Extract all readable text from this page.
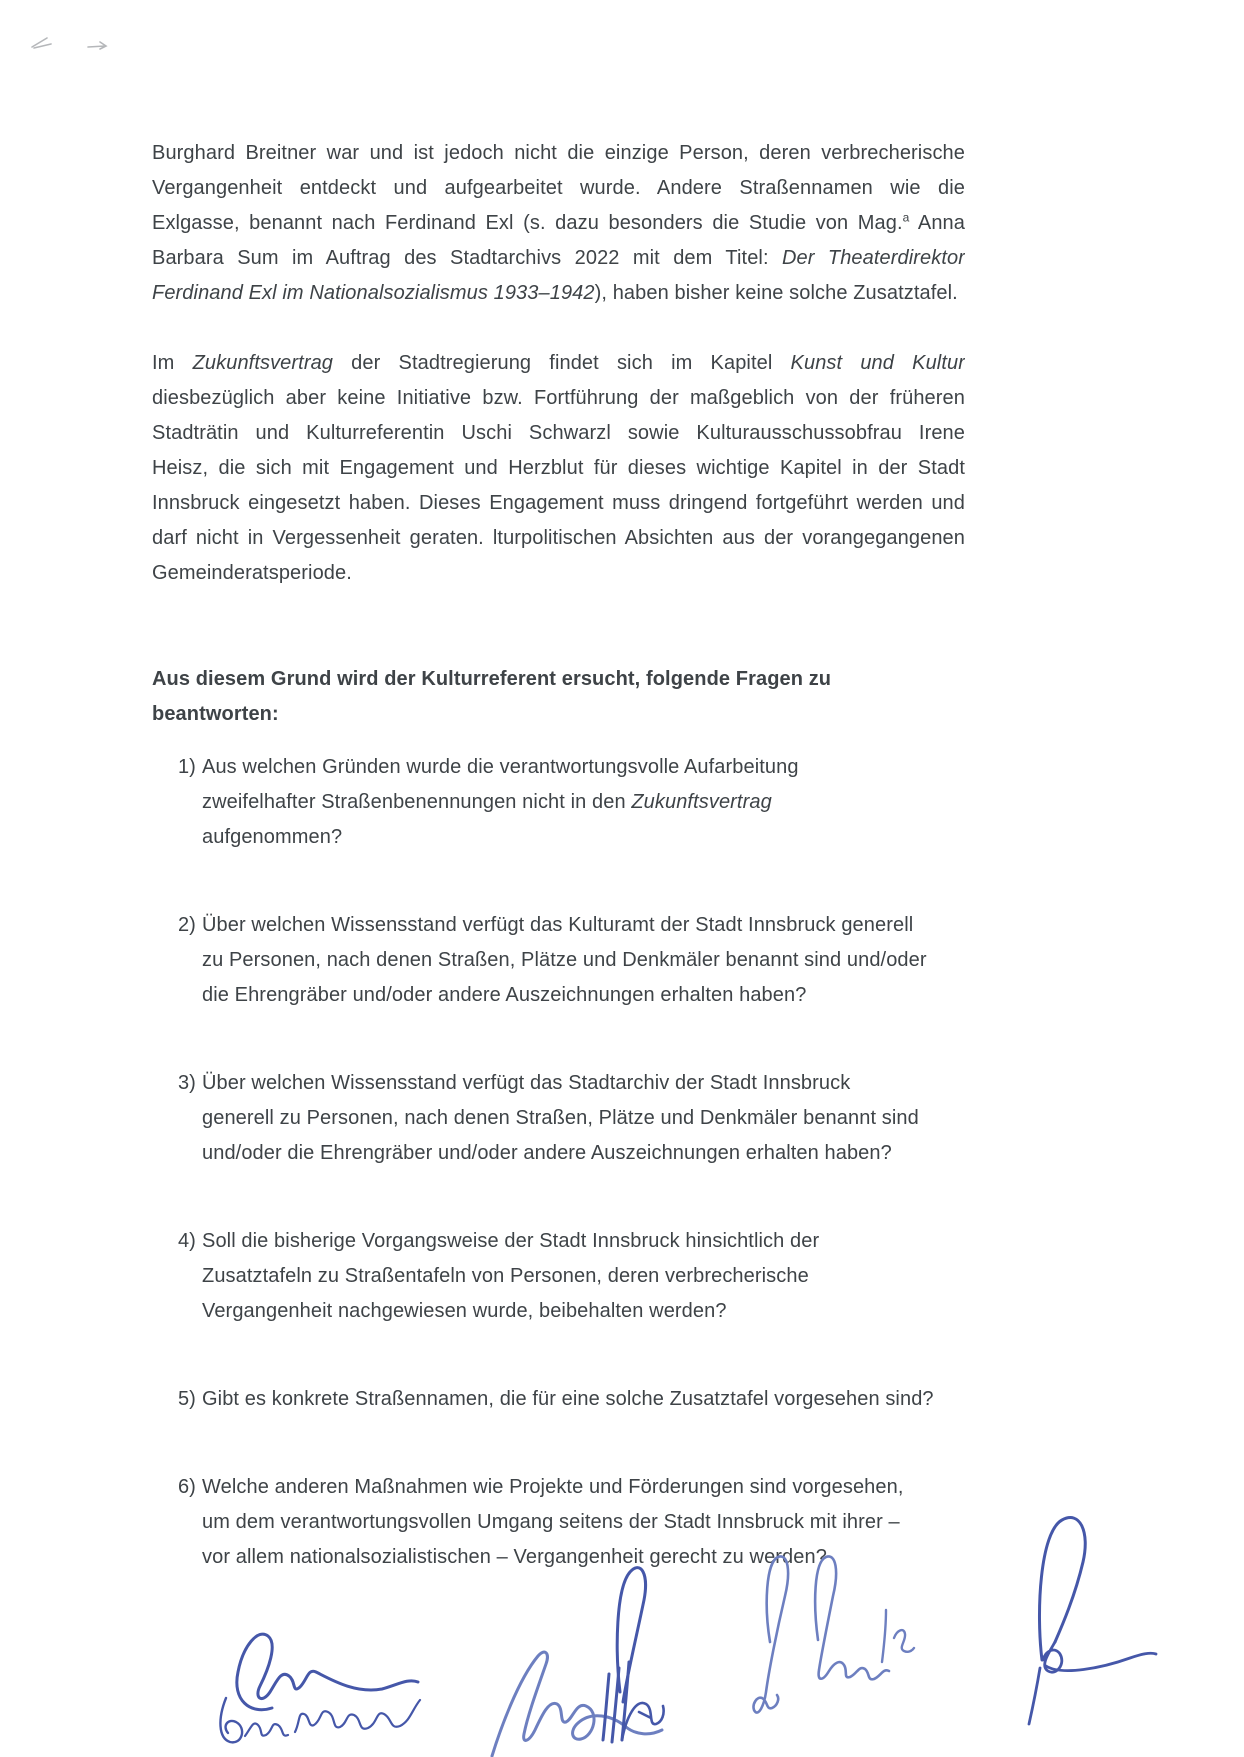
Burghard Breitner war und ist jedoch nicht die einzige Person, deren verbrecherische
Vergangenheit entdeckt und aufgearbeitet wurde. Andere Straßennamen wie die
Exlgasse, benannt nach Ferdinand Exl (s. dazu besonders die Studie von Mag.$^a$ Anna
Barbara Sum im Auftrag des Stadtarchivs 2022 mit dem Titel: Der Theaterdirektor
Ferdinand Exl im Nationalsozialismus 1933–1942), haben bisher keine solche Zusatztafel.
Im Zukunftsvertrag der Stadtregierung findet sich im Kapitel Kunst und Kultur
diesbezüglich aber keine Initiative bzw. Fortführung der maßgeblich von der früheren
Stadträtin und Kulturreferentin Uschi Schwarzl sowie Kulturausschussobfrau Irene
Heisz, die sich mit Engagement und Herzblut für dieses wichtige Kapitel in der Stadt
Innsbruck eingesetzt haben. Dieses Engagement muss dringend fortgeführt werden und
darf nicht in Vergessenheit geraten. lturpolitischen Absichten aus der vorangegangenen
Gemeinderatsperiode.
Aus diesem Grund wird der Kulturreferent ersucht, folgende Fragen zu
beantworten:
1) Aus welchen Gründen wurde die verantwortungsvolle Aufarbeitung
zweifelhafter Straßenbenennungen nicht in den Zukunftsvertrag
aufgenommen?
2) Über welchen Wissensstand verfügt das Kulturamt der Stadt Innsbruck generell
zu Personen, nach denen Straßen, Plätze und Denkmäler benannt sind und/oder
die Ehrengräber und/oder andere Auszeichnungen erhalten haben?
3) Über welchen Wissensstand verfügt das Stadtarchiv der Stadt Innsbruck
generell zu Personen, nach denen Straßen, Plätze und Denkmäler benannt sind
und/oder die Ehrengräber und/oder andere Auszeichnungen erhalten haben?
4) Soll die bisherige Vorgangsweise der Stadt Innsbruck hinsichtlich der
Zusatztafeln zu Straßentafeln von Personen, deren verbrecherische
Vergangenheit nachgewiesen wurde, beibehalten werden?
5) Gibt es konkrete Straßennamen, die für eine solche Zusatztafel vorgesehen sind?
6) Welche anderen Maßnahmen wie Projekte und Förderungen sind vorgesehen,
um dem verantwortungsvollen Umgang seitens der Stadt Innsbruck mit ihrer –
vor allem nationalsozialistischen – Vergangenheit gerecht zu werden?
